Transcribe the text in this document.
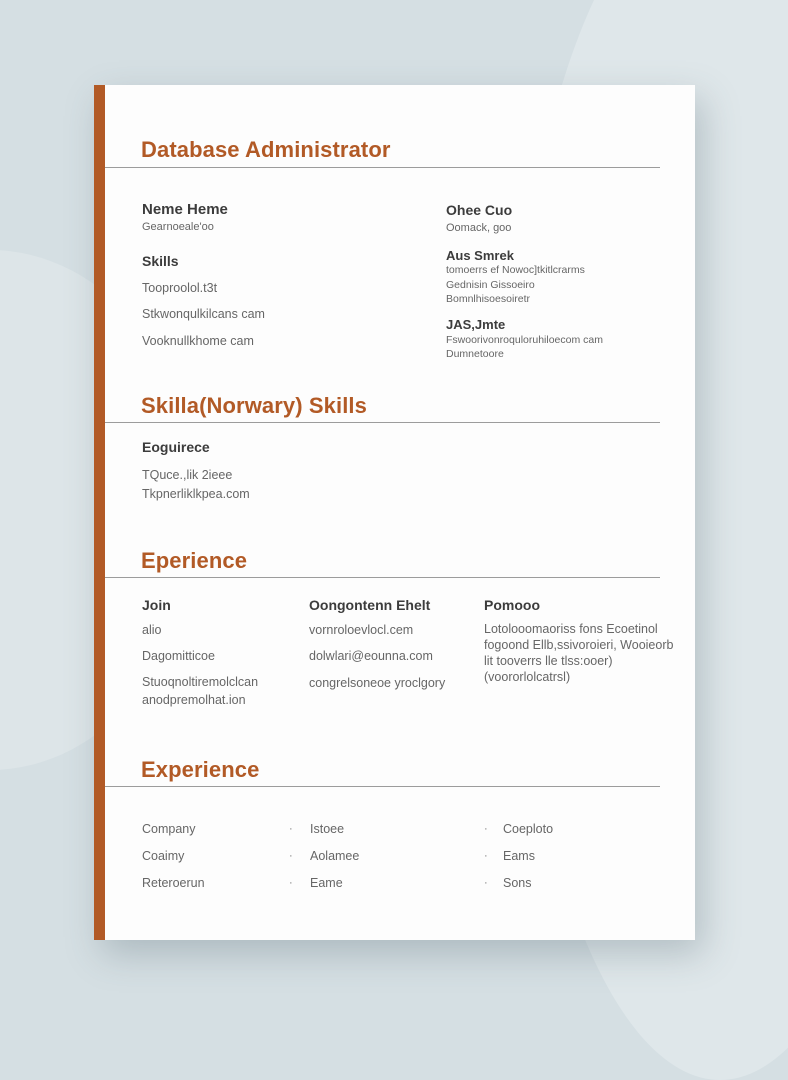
Database Administrator
Neme Heme
Gearnoeale'oo
Skills
Tooproolol.t3t
Stkwonqulkilcans cam
Vooknullkhome cam
Ohee Cuo
Oomack, goo
Aus Smrek
tomoerrs ef Nowoc]tkitlcrarms
Gednisin Gissoeiro
Bomnlhisoesoiretr
JAS,Jmte
Fswoorivonroquloruhiloecom cam
Dumnetoore
Skilla(Norwary) Skills
Eoguirece
TQuce.,lik 2ieee
Tkpnerliklkpea.com
Eperience
Join
alio
Dagomitticoe
Stuoqnoltiremolclcan
anodpremolhat.ion
Oongontenn Ehelt
vornroloevlocl.cem
dolwlari@eounna.com
congrelsoneoe yroclgory
Pomooo
Lotolooomaoriss fons Ecoetinol
fogoond Ellb,ssivoroieri, Wooieorb
lit tooverrs lle tlss:ooer)
(voororlolcatrsl)
Experience
Company
Coaimy
Reteroerun
·
·
·
Istoee
Aolamee
Eame
·
·
·
Coeploto
Eams
Sons
